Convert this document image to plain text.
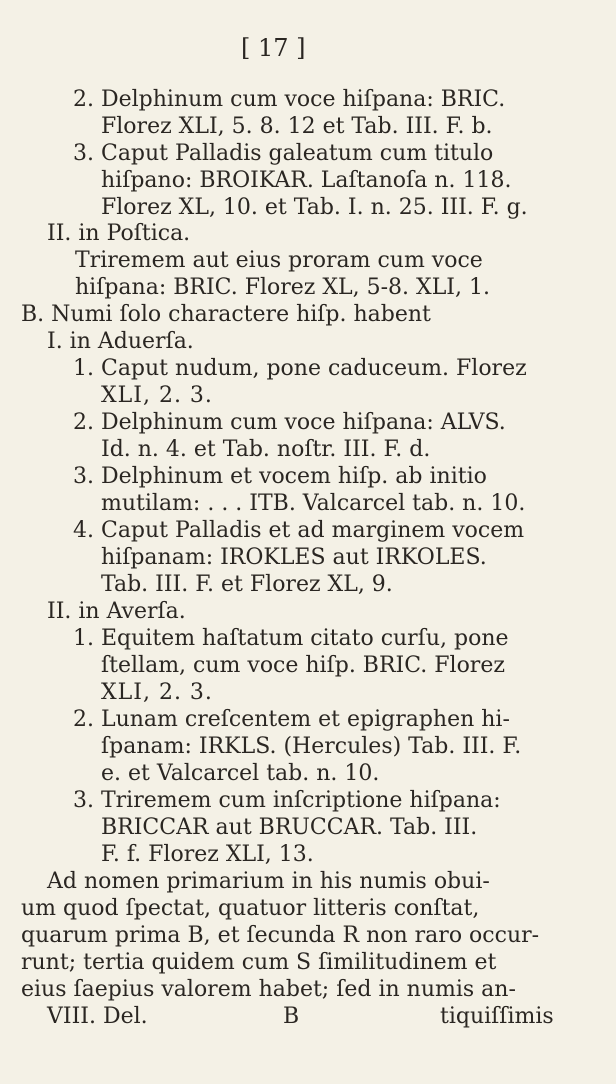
[ 17 ]
2. Delphinum cum voce hiſpana: BRIC.
Florez XLI, 5. 8. 12 et Tab. III. F. b.
3. Caput Palladis galeatum cum titulo
hiſpano: BROIKAR. Laſtanoſa n. 118.
Florez XL, 10. et Tab. I. n. 25. III. F. g.
II. in Poſtica.
Triremem aut eius proram cum voce
hiſpana: BRIC. Florez XL, 5-8. XLI, 1.
B. Numi ſolo charactere hiſp. habent
I. in Aduerſa.
1. Caput nudum, pone caduceum. Florez
XLI, 2. 3.
2. Delphinum cum voce hiſpana: ALVS.
Id. n. 4. et Tab. noſtr. III. F. d.
3. Delphinum et vocem hiſp. ab initio
mutilam: . . . ITB. Valcarcel tab. n. 10.
4. Caput Palladis et ad marginem vocem
hiſpanam: IROKLES aut IRKOLES.
Tab. III. F. et Florez XL, 9.
II. in Averſa.
1. Equitem haſtatum citato curſu, pone
ſtellam, cum voce hiſp. BRIC. Florez
XLI, 2. 3.
2. Lunam creſcentem et epigraphen hi-
ſpanam: IRKLS. (Hercules) Tab. III. F.
e. et Valcarcel tab. n. 10.
3. Triremem cum inſcriptione hiſpana:
BRICCAR aut BRUCCAR. Tab. III.
F. f. Florez XLI, 13.
Ad nomen primarium in his numis obui-
um quod ſpectat, quatuor litteris conſtat,
quarum prima B, et ſecunda R non raro occur-
runt; tertia quidem cum S ſimilitudinem et
eius ſaepius valorem habet; ſed in numis an-
VIII. Del.	B	tiquiſſimis
